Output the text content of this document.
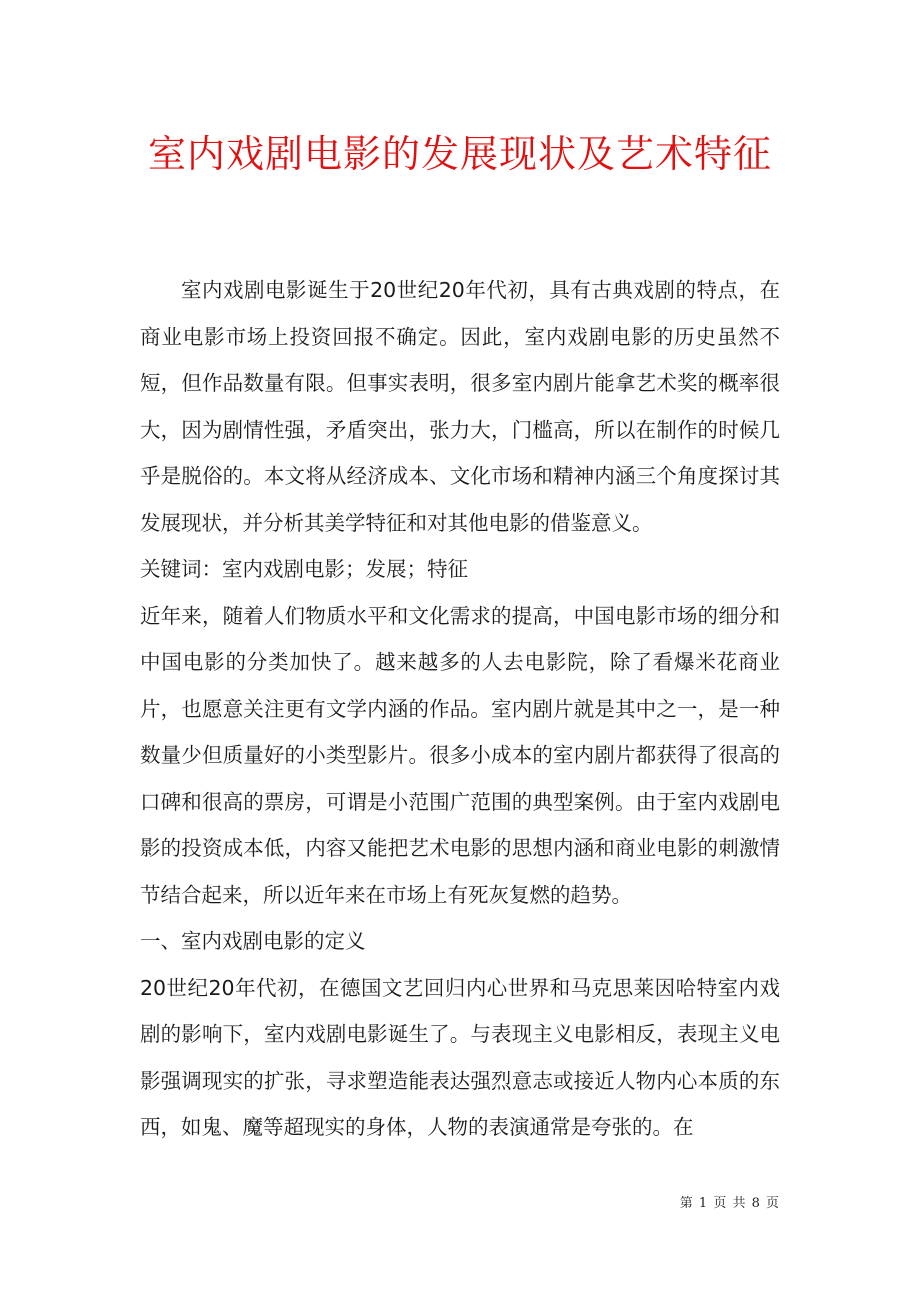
室内戏剧电影的发展现状及艺术特征

室内戏剧电影诞生于20世纪20年代初，具有古典戏剧的特点，在商业电影市场上投资回报不确定。因此，室内戏剧电影的历史虽然不短，但作品数量有限。但事实表明，很多室内剧片能拿艺术奖的概率很大，因为剧情性强，矛盾突出，张力大，门槛高，所以在制作的时候几乎是脱俗的。本文将从经济成本、文化市场和精神内涵三个角度探讨其发展现状，并分析其美学特征和对其他电影的借鉴意义。

关键词：室内戏剧电影；发展；特征

近年来，随着人们物质水平和文化需求的提高，中国电影市场的细分和中国电影的分类加快了。越来越多的人去电影院，除了看爆米花商业片，也愿意关注更有文学内涵的作品。室内剧片就是其中之一，是一种数量少但质量好的小类型影片。很多小成本的室内剧片都获得了很高的口碑和很高的票房，可谓是小范围广范围的典型案例。由于室内戏剧电影的投资成本低，内容又能把艺术电影的思想内涵和商业电影的刺激情节结合起来，所以近年来在市场上有死灰复燃的趋势。

一、室内戏剧电影的定义

20世纪20年代初，在德国文艺回归内心世界和马克思莱因哈特室内戏剧的影响下，室内戏剧电影诞生了。与表现主义电影相反，表现主义电影强调现实的扩张，寻求塑造能表达强烈意志或接近人物内心本质的东西，如鬼、魔等超现实的身体，人物的表演通常是夸张的。在

第 1 页 共 8 页
